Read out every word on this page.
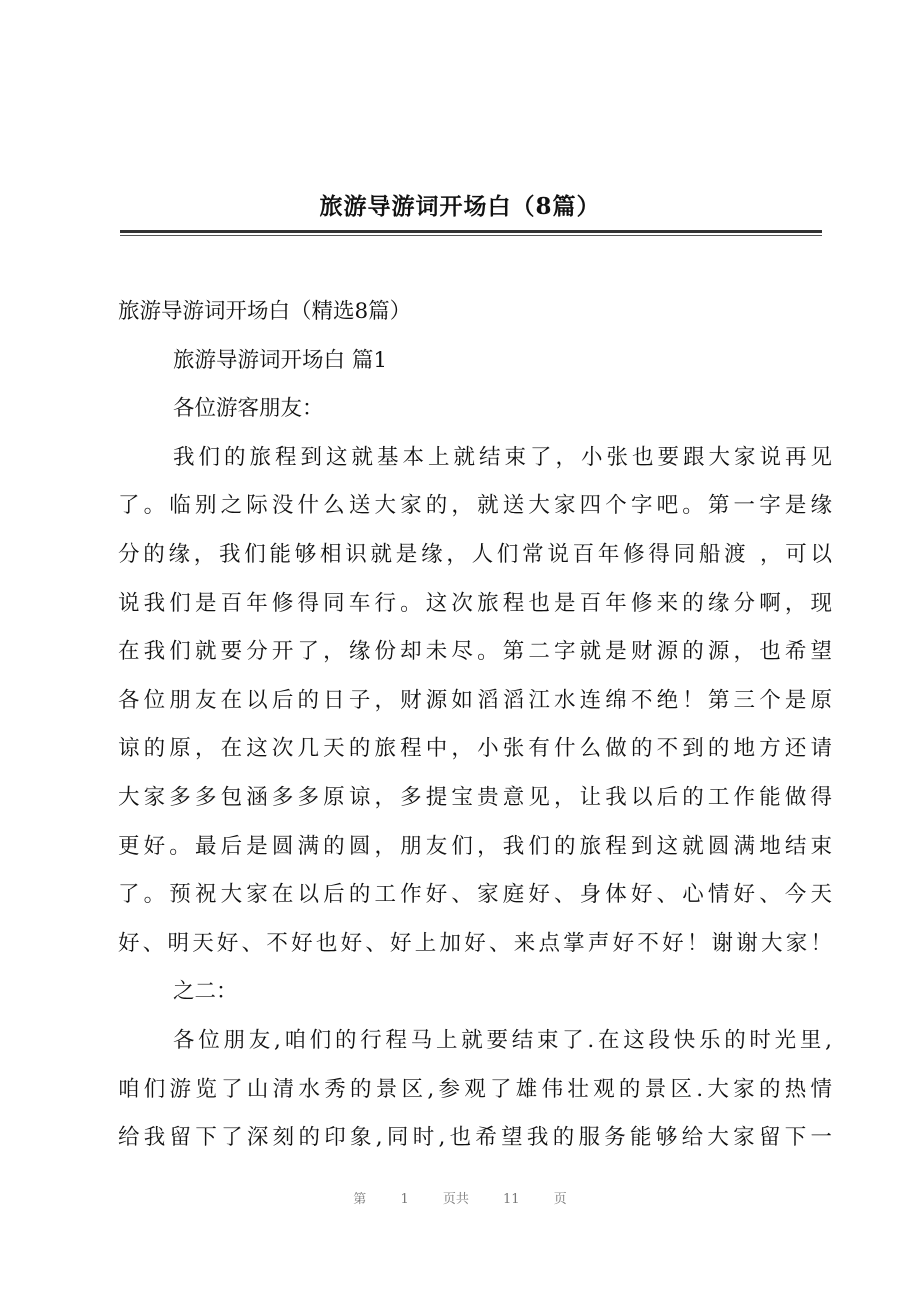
旅游导游词开场白（8篇）
旅游导游词开场白（精选8篇）
旅游导游词开场白 篇1
各位游客朋友：
我们的旅程到这就基本上就结束了，小张也要跟大家说再见
了。临别之际没什么送大家的，就送大家四个字吧。第一字是缘
分的缘，我们能够相识就是缘，人们常说百年修得同船渡 ，可以
说我们是百年修得同车行。这次旅程也是百年修来的缘分啊，现
在我们就要分开了，缘份却未尽。第二字就是财源的源，也希望
各位朋友在以后的日子，财源如滔滔江水连绵不绝！第三个是原
谅的原，在这次几天的旅程中，小张有什么做的不到的地方还请
大家多多包涵多多原谅，多提宝贵意见，让我以后的工作能做得
更好。最后是圆满的圆，朋友们，我们的旅程到这就圆满地结束
了。预祝大家在以后的工作好、家庭好、身体好、心情好、今天
好、明天好、不好也好、好上加好、来点掌声好不好！谢谢大家！
之二：
各位朋友,咱们的行程马上就要结束了.在这段快乐的时光里,
咱们游览了山清水秀的景区,参观了雄伟壮观的景区.大家的热情
给我留下了深刻的印象,同时,也希望我的服务能够给大家留下一
第	1	页共	11	页
